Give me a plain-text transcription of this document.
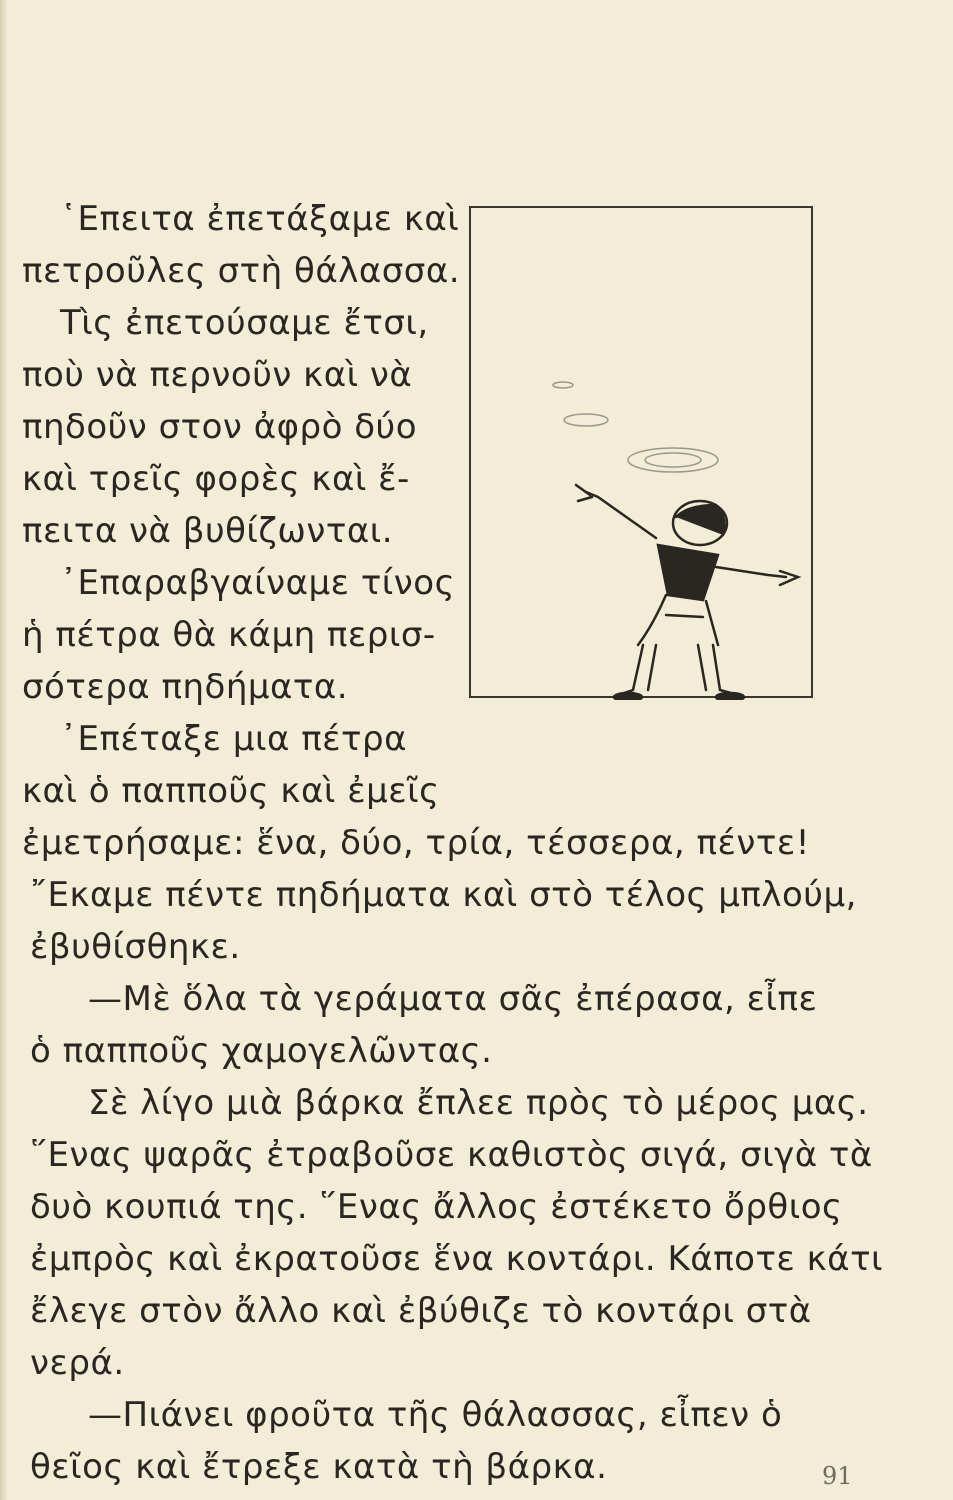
῾Επειτα ἐπετάξαμε καὶ
πετροῦλες στὴ θάλασσα.
Τὶς ἐπετούσαμε ἔτσι,
ποὺ νὰ περνοῦν καὶ νὰ
πηδοῦν στον ἀφρὸ δύο
καὶ τρεῖς φορὲς καὶ ἔ-
πειτα νὰ βυθίζωνται.
᾿Επαραβγαίναμε τίνος
ἡ πέτρα θὰ κάμη περισ-
σότερα πηδήματα.
᾿Επέταξε μια πέτρα
καὶ ὁ παπποῦς καὶ ἐμεῖς
ἐμετρήσαμε: ἕνα, δύο, τρία, τέσσερα, πέντε!
῎Εκαμε πέντε πηδήματα καὶ στὸ τέλος μπλούμ,
ἐβυθίσθηκε.
—Μὲ ὅλα τὰ γεράματα σᾶς ἐπέρασα, εἶπε
ὁ παπποῦς χαμογελῶντας.
Σὲ λίγο μιὰ βάρκα ἔπλεε πρὸς τὸ μέρος μας.
῞Ενας ψαρᾶς ἐτραβοῦσε καθιστὸς σιγά, σιγὰ τὰ
δυὸ κουπιά της. ῞Ενας ἄλλος ἐστέκετο ὄρθιος
ἐμπρὸς καὶ ἐκρατοῦσε ἕνα κοντάρι. Κάποτε κάτι
ἔλεγε στὸν ἄλλο καὶ ἐβύθιζε τὸ κοντάρι στὰ
νερά.
—Πιάνει φροῦτα τῆς θάλασσας, εἶπεν ὁ
θεῖος καὶ ἔτρεξε κατὰ τὴ βάρκα.	91
